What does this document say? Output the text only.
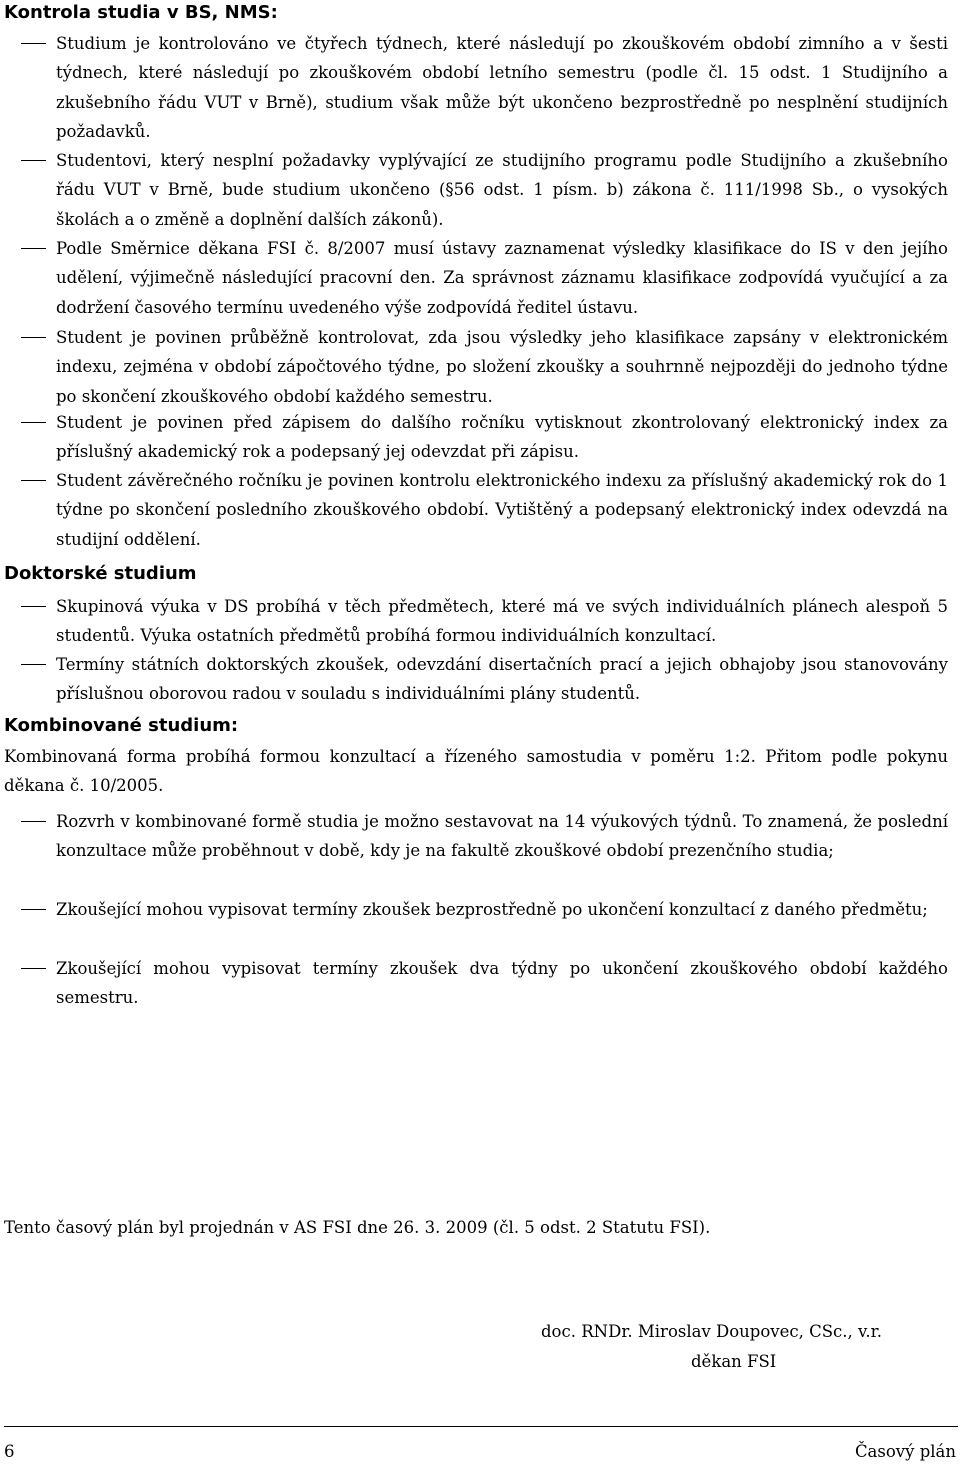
Kontrola studia v BS, NMS:
Studium je kontrolováno ve čtyřech týdnech, které následují po zkouškovém období zimního a v šesti týdnech, které následují po zkouškovém období letního semestru (podle čl. 15 odst. 1 Studijního a zkušebního řádu VUT v Brně), studium však může být ukončeno bezprostředně po nesplnění studijních požadavků.
Studentovi, který nesplní požadavky vyplývající ze studijního programu podle Studijního a zkušebního řádu VUT v Brně, bude studium ukončeno (§56 odst. 1 písm. b) zákona č. 111/1998 Sb., o vysokých školách a o změně a doplnění dalších zákonů).
Podle Směrnice děkana FSI č. 8/2007 musí ústavy zaznamenat výsledky klasifikace do IS v den jejího udělení, výjimečně následující pracovní den. Za správnost záznamu klasifikace zodpovídá vyučující a za dodržení časového termínu uvedeného výše zodpovídá ředitel ústavu.
Student je povinen průběžně kontrolovat, zda jsou výsledky jeho klasifikace zapsány v elektronickém indexu, zejména v období zápočtového týdne, po složení zkoušky a souhrnně nejpozději do jednoho týdne po skončení zkouškového období každého semestru.
Student je povinen před zápisem do dalšího ročníku vytisknout zkontrolovaný elektronický index za příslušný akademický rok a podepsaný jej odevzdat při zápisu.
Student závěrečného ročníku je povinen kontrolu elektronického indexu za příslušný akademický rok do 1 týdne po skončení posledního zkouškového období. Vytištěný a podepsaný elektronický index odevzdá na studijní oddělení.
Doktorské studium
Skupinová výuka v DS probíhá v těch předmětech, které má ve svých individuálních plánech alespoň 5 studentů. Výuka ostatních předmětů probíhá formou individuálních konzultací.
Termíny státních doktorských zkoušek, odevzdání disertačních prací a jejich obhajoby jsou stanovovány příslušnou oborovou radou v souladu s individuálními plány studentů.
Kombinované studium:
Kombinovaná forma probíhá formou konzultací a řízeného samostudia v poměru 1:2. Přitom podle pokynu děkana č. 10/2005.
Rozvrh v kombinované formě studia je možno sestavovat na 14 výukových týdnů. To znamená, že poslední konzultace může proběhnout v době, kdy je na fakultě zkouškové období prezenčního studia;
Zkoušející mohou vypisovat termíny zkoušek bezprostředně po ukončení konzultací z daného předmětu;
Zkoušející mohou vypisovat termíny zkoušek dva týdny po ukončení zkouškového období každého semestru.
Tento časový plán byl projednán v AS FSI dne 26. 3. 2009 (čl. 5 odst. 2 Statutu FSI).
doc. RNDr. Miroslav Doupovec, CSc., v.r.
děkan FSI
6	Časový plán
